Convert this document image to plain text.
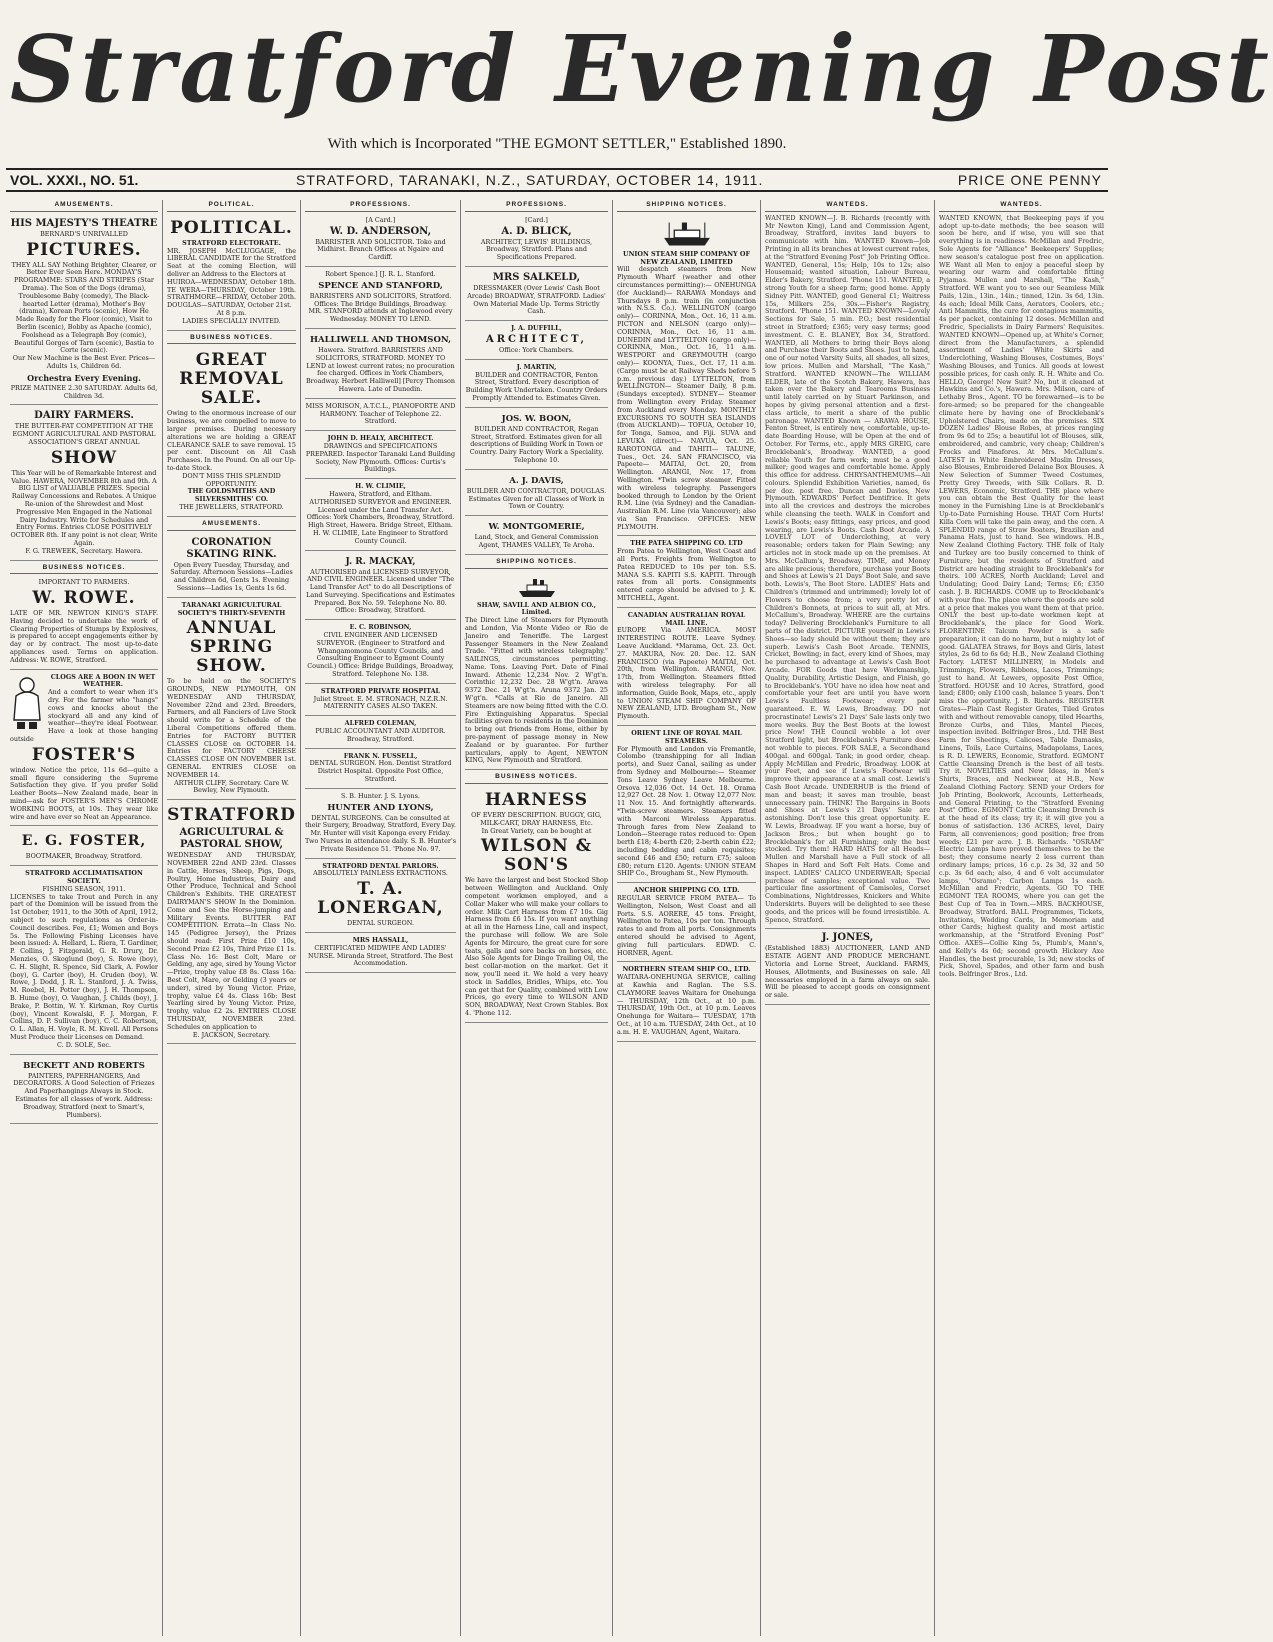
Stratford Evening Post
With which is Incorporated "THE EGMONT SETTLER," Established 1890.
VOL. XXXI., NO. 51.	STRATFORD, TARANAKI, N.Z., SATURDAY, OCTOBER 14, 1911.	PRICE ONE PENNY
AMUSEMENTS.
HIS MAJESTY'S THEATRE
BERNARD'S UNRIVALLED
PICTURES.
THEY ALL SAY Nothing Brighter, Clearer, or Better Ever Seen Here. MONDAY'S PROGRAMME: STARS AND STRIPES (Star Drama). The Son of the Dogs (drama), Troublesome Baby (comedy), The Black-hearted Letter (drama), Mother's Boy (drama), Korean Ports (scenic), How He Made Ready for the Floor (comic), Visit to Berlin (scenic), Bobby as Apache (comic), Foolshead as a Telegraph Boy (comic), Beautiful Gorges of Tarn (scenic), Bastia to Corte (scenic).
Our New Machine is the Best Ever. Prices—Adults 1s, Children 6d.
Orchestra Every Evening.
PRIZE MATINEE 2.30 SATURDAY. Adults 6d, Children 3d.
DAIRY FARMERS.
THE BUTTER-FAT COMPETITION AT THE EGMONT AGRICULTURAL AND PASTORAL ASSOCIATION'S GREAT ANNUAL
SHOW
This Year will be of Remarkable Interest and Value. HAWERA, NOVEMBER 8th and 9th. A BIG LIST of VALUABLE PRIZES. Special Railway Concessions and Rebates. A Unique Re-union of the Shrewdest and Most Progressive Men Engaged in the National Dairy Industry. Write for Schedules and Entry Forms. Entries CLOSE POSITIVELY OCTOBER 8th. If any point is not clear, Write Again.
F. G. TREWEEK, Secretary. Hawera.
BUSINESS NOTICES.
IMPORTANT TO FARMERS.
W. ROWE.
LATE OF MR. NEWTON KING'S STAFF. Having decided to undertake the work of Clearing Properties of Stumps by Explosives, is prepared to accept engagements either by day or by contract. The most up-to-date appliances used. Terms on application. Address: W. ROWE, Stratford.
CLOGS ARE A BOON IN WET WEATHER.
And a comfort to wear when it's dry. For the farmer who "hangs" cows and knocks about the stockyard all and any kind of weather—they're ideal Footwear. Have a look at those hanging outside
FOSTER'S
window. Notice the price, 11s 6d—quite a small figure considering the Supreme Satisfaction they give. If you prefer Solid Leather Boots—New Zealand made, bear in mind—ask for FOSTER'S MEN'S CHROME WORKING BOOTS, at 10s. They wear like wire and have ever so Neat an Appearance.
E. G. FOSTER,
BOOTMAKER, Broadway, Stratford.
STRATFORD ACCLIMATISATION SOCIETY.
FISHING SEASON, 1911.
LICENSES to take Trout and Perch in any part of the Dominion will be issued from the 1st October, 1911, to the 30th of April, 1912, subject to such regulations as Order-in-Council describes. Fee, £1; Women and Boys 5s. The Following Fishing Licenses have been issued: A. Hellard, L. Riera, T. Gardiner, P. Collins, J. Fitzgerald, G. R. Drury, Dr. Menzies, O. Skoglund (boy), S. Rowe (boy), C. H. Slight, R. Spence, Sid Clark, A. Fowler (boy), G. Carter (boy), H. Cruden (boy), W. Rowe, J. Dodd, J. R. L. Stanford, J. A. Twiss, M. Roebel, H. Potter (boy), J. H. Thompson, B. Hume (boy), O. Vaughan, J. Childs (boy), J. Brake, P. Bottin, W. Y. Kirkman, Roy Curtis (boy), Vincent Kowalski, F. J. Morgan, F. Collins, D. P. Sullivan (boy), C. C. Robertson, O. L. Allan, H. Voyle, R. M. Kivell. All Persons Must Produce their Licenses on Demand.
C. D. SOLE, Sec.
BECKETT AND ROBERTS
PAINTERS, PAPERHANGERS, And DECORATORS. A Good Selection of Friezes And Paperhangings Always in Stock. Estimates for all classes of work. Address: Broadway, Stratford (next to Smart's, Plumbers).
POLITICAL.
POLITICAL.
STRATFORD ELECTORATE.
MR. JOSEPH McCLUGGAGE, the LIBERAL CANDIDATE for the Stratford Seat at the coming Election, will deliver an Address to the Electors at
HUIROA—WEDNESDAY, October 18th. TE WERA—THURSDAY, October 19th. STRATHMORE—FRIDAY, October 20th. DOUGLAS—SATURDAY, October 21st.
At 8 p.m.
LADIES SPECIALLY INVITED.
BUSINESS NOTICES.
GREAT REMOVAL SALE.
Owing to the enormous increase of our business, we are compelled to move to larger premises. During necessary alterations we are holding a GREAT CLEARANCE SALE to save removal. 15 per cent. Discount on All Cash Purchases. In the Pound. On all our Up-to-date Stock.
DON'T MISS THIS SPLENDID OPPORTUNITY.
THE GOLDSMITHS AND SILVERSMITHS' CO.
THE JEWELLERS, STRATFORD.
AMUSEMENTS.
CORONATION SKATING RINK.
Open Every Tuesday, Thursday, and Saturday. Afternoon Sessions—Ladies and Children 6d, Gents 1s. Evening Sessions—Ladies 1s, Gents 1s 6d.
TARANAKI AGRICULTURAL SOCIETY'S THIRTY-SEVENTH
ANNUAL SPRING SHOW.
To be held on the SOCIETY'S GROUNDS, NEW PLYMOUTH, ON WEDNESDAY AND THURSDAY, November 22nd and 23rd. Breeders, Farmers, and all Fanciers of Live Stock should write for a Schedule of the Liberal Competitions offered them. Entries for FACTORY BUTTER CLASSES CLOSE on OCTOBER 14. Entries for FACTORY CHEESE CLASSES CLOSE ON NOVEMBER 1st. GENERAL ENTRIES CLOSE on NOVEMBER 14.
ARTHUR CLIFF, Secretary. Care W. Bewley, New Plymouth.
STRATFORD
AGRICULTURAL & PASTORAL SHOW,
WEDNESDAY AND THURSDAY, NOVEMBER 22nd AND 23rd. Classes in Cattle, Horses, Sheep, Pigs, Dogs, Poultry, Home Industries, Dairy and Other Produce, Technical and School Children's Exhibits. THE GREATEST DAIRYMAN'S SHOW In the Dominion. Come and See the Horse-jumping and Military Events. BUTTER FAT COMPETITION. Errata—In Class No. 145 (Pedigree Jersey), the Prizes should read: First Prize £10 10s, Second Prize £2 10s, Third Prize £1 1s. Class No. 16: Best Colt, Mare or Gelding, any age, sired by Young Victor—Prize, trophy value £8 8s. Class 16a: Best Colt, Mare, or Gelding (3 years or under), sired by Young Victor. Prize, trophy, value £4 4s. Class 16b: Best Yearling sired by Young Victor. Prize, trophy, value £2 2s. ENTRIES CLOSE THURSDAY, NOVEMBER 23rd. Schedules on application to
E. JACKSON, Secretary.
PROFESSIONS.
[A Card.]
W. D. ANDERSON,
BARRISTER AND SOLICITOR. Toko and Midhirst. Branch Offices at Ngaire and Cardiff.
Robert Spence.] [J. R. L. Stanford.
SPENCE AND STANFORD,
BARRISTERS AND SOLICITORS, Stratford. Offices: The Bridge Buildings, Broadway.
MR. STANFORD attends at Inglewood every Wednesday. MONEY TO LEND.
HALLIWELL AND THOMSON,
Hawera. Stratford. BARRISTERS AND SOLICITORS, STRATFORD. MONEY TO LEND at lowest current rates; no procuration fee charged. Offices in York Chambers, Broadway. Herbert Halliwell] [Percy Thomson Hawera. Late of Dunedin.
MISS MORISON, A.T.C.L., PIANOFORTE AND HARMONY. Teacher of Telephone 22. Stratford.
JOHN D. HEALY, ARCHITECT.
DRAWINGS and SPECIFICATIONS PREPARED. Inspector Taranaki Land Building Society, New Plymouth. Offices: Curtis's Buildings.
H. W. CLIMIE,
Hawera, Stratford, and Eltham. AUTHORISED SURVEYOR and ENGINEER. Licensed under the Land Transfer Act. Offices: York Chambers, Broadway, Stratford. High Street, Hawera. Bridge Street, Eltham. H. W. CLIMIE, Late Engineer to Stratford County Council.
J. R. MACKAY,
AUTHORISED and LICENSED SURVEYOR, AND CIVIL ENGINEER. Licensed under "The Land Transfer Act" to do all Descriptions of Land Surveying. Specifications and Estimates Prepared. Box No. 59. Telephone No. 80. Office: Broadway, Stratford.
E. C. ROBINSON,
CIVIL ENGINEER AND LICENSED SURVEYOR. (Engineer to Stratford and Whangamomona County Councils, and Consulting Engineer to Egmont County Council.) Office: Bridge Buildings, Broadway, Stratford. Telephone No. 138.
STRATFORD PRIVATE HOSPITAL
Juliet Street. E. M. STRONACH, N.Z.R.N. MATERNITY CASES ALSO TAKEN.
ALFRED COLEMAN,
PUBLIC ACCOUNTANT AND AUDITOR. Broadway, Stratford.
FRANK N. FUSSELL,
DENTAL SURGEON. Hon. Dentist Stratford District Hospital. Opposite Post Office, Stratford.
S. B. Hunter. J. S. Lyons.
HUNTER AND LYONS,
DENTAL SURGEONS. Can be consulted at their Surgery, Broadway, Stratford, Every Day. Mr. Hunter will visit Kaponga every Friday. Two Nurses in attendance daily. S. B. Hunter's Private Residence 51. 'Phone No. 97.
STRATFORD DENTAL PARLORS.
ABSOLUTELY PAINLESS EXTRACTIONS.
T. A. LONERGAN,
DENTAL SURGEON.
MRS HASSALL,
CERTIFICATED MIDWIFE AND LADIES' NURSE. Miranda Street, Stratford. The Best Accommodation.
PROFESSIONS.
[Card.]
A. D. BLICK,
ARCHITECT, LEWIS' BUILDINGS, Broadway, Stratford. Plans and Specifications Prepared.
MRS SALKELD,
DRESSMAKER (Over Lewis' Cash Boot Arcade) BROADWAY, STRATFORD. Ladies' Own Material Made Up. Terms Strictly Cash.
J. A. DUFFILL,
ARCHITECT,
Office: York Chambers.
J. MARTIN,
BUILDER and CONTRACTOR, Fenton Street, Stratford. Every description of Building Work Undertaken. Country Orders Promptly Attended to. Estimates Given.
JOS. W. BOON,
BUILDER AND CONTRACTOR, Regan Street, Stratford. Estimates given for all descriptions of Building Work in Town or Country. Dairy Factory Work a Speciality. Telephone 10.
A. J. DAVIS,
BUILDER AND CONTRACTOR, DOUGLAS. Estimates Given for all Classes of Work in Town or Country.
W. MONTGOMERIE,
Land, Stock, and General Commission Agent, THAMES VALLEY, Te Aroha.
SHIPPING NOTICES.
SHAW, SAVILL AND ALBION CO., Limited.
The Direct Line of Steamers for Plymouth and London, Via Monte Video or Rio de Janeiro and Teneriffe. The Largest Passenger Steamers in the New Zealand Trade. "Fitted with wireless telegraphy." SAILINGS, circumstances permitting. Name. Tons. Leaving Port. Date of Final Inward. Athenic 12,234 Nov. 2 W'gt'n. Corinthic 12,232 Dec. 28 W'gt'n. Arawa 9372 Dec. 21 W'gt'n. Aruna 9372 Jan. 25 W'gt'n. *Calls at Rio de Janeiro. All Steamers are now being fitted with the C.O. Fire Extinguishing Apparatus. Special facilities given to residents in the Dominion to bring out friends from Home, either by pre-payment of passage money in New Zealand or by guarantee. For further particulars, apply to Agent, NEWTON KING, New Plymouth and Stratford.
BUSINESS NOTICES.
HARNESS
OF EVERY DESCRIPTION. BUGGY, GIG, MILK-CART, DRAY HARNESS, Etc.
In Great Variety, can be bought at
WILSON & SON'S
We have the largest and best Stocked Shop between Wellington and Auckland. Only competent workmen employed, and a Collar Maker who will make your collars to order. Milk Cart Harness from £7 10s. Gig Harness from £6 15s. If you want anything at all in the Harness Line, call and inspect, the purchase will follow. We are Sole Agents for Mircuro, the great cure for sore teats, galls and sore backs on horses, etc. Also Sole Agents for Dingo Trailing Oil, the best collar-motion on the market. Get it now, you'll need it. We hold a very heavy stock in Saddles, Bridles, Whips, etc. You can get that for Quality, combined with Low Prices, go every time to WILSON AND SON, BROADWAY, Next Crown Stables. Box 4. 'Phone 112.
SHIPPING NOTICES.
UNION STEAM SHIP COMPANY OF NEW ZEALAND, LIMITED
Will despatch steamers from New Plymouth Wharf (weather and other circumstances permitting):— ONEHUNGA (for Auckland)— RARAWA Mondays and Thursdays 8 p.m. train (in conjunction with N.S.S. Co.). WELLINGTON (cargo only)— CORINNA, Mon., Oct. 16, 11 a.m. PICTON and NELSON (cargo only)— CORINNA, Mon., Oct. 16, 11 a.m. DUNEDIN and LYTTELTON (cargo only)— CORINNA, Mon., Oct. 16, 11 a.m. WESTPORT and GREYMOUTH (cargo only)— KOONYA, Tues., Oct. 17, 11 a.m. (Cargo must be at Railway Sheds before 5 p.m. previous day.) LYTTELTON, from WELLINGTON— Steamer Daily, 8 p.m. (Sundays excepted). SYDNEY— Steamer from Wellington every Friday. Steamer from Auckland every Monday. MONTHLY EXCURSIONS TO SOUTH SEA ISLANDS (from AUCKLAND)— TOFUA, October 10, for Tonga, Samoa, and Fiji. SUVA and LEVUKA (direct)— NAVUA, Oct. 25. RAROTONGA and TAHITI— TALUNE, Tues., Oct. 24. SAN FRANCISCO, via Papeete— MAITAI, Oct. 20, from Wellington. ARANGI, Nov. 17, from Wellington. *Twin screw steamer. Fitted with wireless telegraphy. Passengers booked through to London by the Orient R.M. Line (via Sydney) and the Canadian-Australian R.M. Line (via Vancouver); also via San Francisco. OFFICES: NEW PLYMOUTH.
THE PATEA SHIPPING CO. LTD
From Patea to Wellington, West Coast and all Ports. Freights from Wellington to Patea REDUCED to 10s per ton. S.S. MANA S.S. KAPITI S.S. KAPITI. Through rates from all ports. Consignments entered cargo should be advised to J. K. MITCHELL, Agent.
CANADIAN AUSTRALIAN ROYAL MAIL LINE.
EUROPE Via AMERICA. MOST INTERESTING ROUTE. Leave Sydney. Leave Auckland. *Marama, Oct. 23. Oct. 27. MAKURA, Nov. 20. Dec. 12. SAN FRANCISCO (via Papeete) MAITAI, Oct. 20th, from Wellington. ARANGI, Nov. 17th, from Wellington. Steamers fitted with wireless telegraphy. For all information, Guide Book, Maps, etc., apply to UNION STEAM SHIP COMPANY OF NEW ZEALAND, LTD. Brougham St., New Plymouth.
ORIENT LINE OF ROYAL MAIL STEAMERS.
For Plymouth and London via Fremantle, Colombo (transhipping for all Indian ports), and Suez Canal, sailing as under from Sydney and Melbourne:— Steamer Tons Leave Sydney Leave Melbourne. Orsova 12,036 Oct. 14 Oct. 18. Orama 12,927 Oct. 28 Nov. 1. Otway 12,077 Nov. 11 Nov. 15. And fortnightly afterwards. *Twin-screw steamers. Steamers fitted with Marconi Wireless Apparatus. Through fares from New Zealand to London—Steerage rates reduced to: Open berth £18; 4-berth £20; 2-berth cabin £22; including bedding and cabin requisites; second £46 and £50; return £75; saloon £80; return £120. Agents: UNION STEAM SHIP Co., Brougham St., New Plymouth.
ANCHOR SHIPPING CO. LTD.
REGULAR SERVICE FROM PATEA— To Wellington, Nelson, West Coast and all Ports. S.S. AORERE, 45 tons. Freight, Wellington to Patea, 10s per ton. Through rates to and from all ports. Consignments entered should be advised to Agent, giving full particulars. EDWD. C. HORNER, Agent.
NORTHERN STEAM SHIP CO., LTD.
WAITARA-ONEHUNGA SERVICE, calling at Kawhia and Raglan. The S.S. CLAYMORE leaves Waitara for Onehunga— THURSDAY, 12th Oct., at 10 p.m. THURSDAY, 19th Oct., at 10 p.m. Leaves Onehunga for Waitara— TUESDAY, 17th Oct., at 10 a.m. TUESDAY, 24th Oct., at 10 a.m. H. E. VAUGHAN, Agent, Waitara.
WANTEDS.
WANTED KNOWN—J. B. Richards (recently with Mr Newton King), Land and Commission Agent, Broadway, Stratford, invites land buyers to communicate with him. WANTED Known—Job Printing in all its branches at lowest current rates, at the "Stratford Evening Post" Job Printing Office. WANTED, General, 15s; Help, 10s to 12s; also Housemaid; wanted situation, Labour Bureau, Elder's Bakery, Stratford. 'Phone 151. WANTED, a strong Youth for a sheep farm; good home. Apply Sidney Pitt. WANTED, good General £1; Waitress 15s, Milkers 25s, 30s.—Fisher's Registry, Stratford. 'Phone 151. WANTED KNOWN—Lovely Sections for Sale, 5 min. P.O.; best residential street in Stratford; £365; very easy terms; good investment. C. E. BLANEY, Box 34, Stratford. WANTED, all Mothers to bring their Boys along and Purchase their Boots and Shoes. Just to hand, one of our noted Varsity Suits, all shades, all sizes, low prices. Mullen and Marshall, "The Kash," Stratford. WANTED KNOWN—The WILLIAM ELDER, late of the Scotch Bakery, Hawera, has taken over the Bakery and Tearooms Business until lately carried on by Stuart Parkinson, and hopes by giving personal attention and a first-class article, to merit a share of the public patronage. WANTED Known — ARAWA HOUSE, Fenton Street, is entirely new, comfortable, up-to-date Boarding House, will be Open at the end of October. For Terms, etc., apply MRS GREIG, care Brocklebank's, Broadway. WANTED, a good reliable Youth for farm work; must be a good milker; good wages and comfortable home. Apply this office for address. CHRYSANTHEMUMS—All colours. Splendid Exhibition Varieties, named, 6s per doz. post free. Duncan and Davies, New Plymouth. EDWARDS' Perfect Dentifrice. It gets into all the crevices and destroys the microbes while cleansing the teeth. WALK in Comfort and Lewis's Boots; easy fittings, easy prices, and good wearing, are Lewis's Boots. Cash Boot Arcade. A LOVELY LOT of Underclothing, at very reasonable; orders taken for Plain Sewing; any articles not in stock made up on the premises. At Mrs. McCallum's, Broadway. TIME, and Money are alike precious; therefore, purchase your Boots and Shoes at Lewis's 21 Days' Boot Sale, and save both. Lewis's, The Boot Store. LADIES' Hats and Children's (trimmed and untrimmed); lovely lot of Flowers to choose from; a very pretty lot of Children's Bonnets, at prices to suit all, at Mrs. McCallum's, Broadway. WHERE are the curtains today? Delivering Brocklebank's Furniture to all parts of the district. PICTURE yourself in Lewis's Shoes—so lady should be without them; they are superb. Lewis's Cash Boot Arcade. TENNIS, Cricket, Bowling; in fact, every kind of Shoes, may be purchased to advantage at Lewis's Cash Boot Arcade. FOR Goods that have Workmanship, Quality, Durability, Artistic Design, and Finish, go to Brocklebank's. YOU have no idea how neat and comfortable your feet are until you have worn Lewis's Faultless Footwear; every pair guaranteed. E. W. Lewis, Broadway. DO not procrastinate! Lewis's 21 Days' Sale lasts only two more weeks. Buy the Best Boots at the lowest price Now! THE Council wobble a lot over Stratford light, but Brocklebank's Furniture does not wobble to pieces. FOR SALE, a Secondhand 400gal. and 600gal. Tank; in good order, cheap. Apply McMillan and Fredric, Broadway. LOOK at your Feet, and see if Lewis's Footwear will improve their appearance at a small cost. Lewis's Cash Boot Arcade. UNDERHUB is the friend of man and beast; it saves man trouble, beast unnecessary pain. THINK! The Bargains in Boots and Shoes at Lewis's 21 Days' Sale are astonishing. Don't lose this great opportunity. E. W. Lewis, Broadway. IF you want a horse, buy of Jackson Bros.; but when bought go to Brocklebank's for all Furnishing; only the best stocked. Try them! HARD HATS for all Heads—Mullen and Marshall have a Full stock of all Shapes in Hard and Soft Felt Hats. Come and inspect. LADIES' CALICO UNDERWEAR; Special purchase of samples; exceptional value. Two particular fine assortment of Camisoles, Corset Combinations, Nightdresses, Knickers and White Underskirts. Buyers will be delighted to see these goods, and the prices will be found irresistible. A. Spence, Stratford.
J. JONES,
(Established 1883) AUCTIONEER, LAND AND ESTATE AGENT AND PRODUCE MERCHANT. Victoria and Lorne Street, Auckland. FARMS, Houses, Allotments, and Businesses on sale. All necessaries employed in a farm always on sale. Will be pleased to accept goods on consignment or sale.
WANTEDS.
WANTED KNOWN, that Beekeeping pays if you adopt up-to-date methods; the bee season will soon be here, and if wise, you will see that everything is in readiness. McMillan and Fredric, Sole Agents for "Alliance" Beekeepers' Supplies; new season's catalogue post free on application. WE Want all Men to enjoy a peaceful sleep by wearing our warm and comfortable fitting Pyjamas. Mullen and Marshall, "The Kash," Stratford. WE want you to see our Seamless Milk Pails, 12in., 13in., 14in.; tinned, 12in. 3s 6d, 13in. 4s each; Ideal Milk Cans, Aerators, Coolers, etc.; Anti Mammitis, the cure for contagious mammitis, 4s per packet, containing 12 doses. McMillan and Fredric, Specialists in Dairy Farmers' Requisites. WANTED KNOWN—Opened up, at White's Corner, direct from the Manufacturers, a splendid assortment of Ladies' White Skirts and Underclothing, Washing Blouses, Costumes, Boys' Washing Blouses, and Tunics. All goods at lowest possible prices, for cash only. R. H. White and Co. HELLO, George! New Suit? No, but it cleaned at Hawkins and Co.'s, Hawera. Mrs. Milson, care of Lethaby Bros., Agent. TO be forewarned—is to be fore-armed; so be prepared for the changeable climate here by having one of Brocklebank's Upholstered Chairs, made on the premises. SIX DOZEN Ladies' Blouse Robes, at prices ranging from 9s 6d to 25s; a beautiful lot of Blouses, silk, embroidered, and cambric, very cheap; Children's Frocks and Pinafores. At Mrs. McCallum's. LATEST in White Embroidered Muslin Dresses, also Blouses, Embroidered Delaine Box Blouses. A New Selection of Summer Tweed Costumes, Pretty Grey Tweeds, with Silk Collars. R. D. LEWERS, Economic, Stratford. THE place where you can obtain the Best Quality for the least money in the Furnishing Line is at Brocklebank's Up-to-Date Furnishing House. THAT Corn Hurts! Killa Corn will take the pain away, and the corn. A SPLENDID range of Straw Boaters, Brazilian and Panama Hats, just to hand. See windows. H.B., New Zealand Clothing Factory. THE folk of Italy and Turkey are too busily concerned to think of Furniture; but the residents of Stratford and District are heading straight to Brocklebank's for theirs. 100 ACRES, North Auckland; Level and Undulating; Good Dairy Land; Terms; £6; £350 cash. J. B. RICHARDS. COME up to Brocklebank's with your fine. The place where the goods are sold at a price that makes you want them at that price. ONLY the best up-to-date workmen kept at Brocklebank's, the place for Good Work. FLORENTINE Talcum Powder is a safe preparation; it can do no harm, but a mighty lot of good. GALATEA Straws, for Boys and Girls, latest styles, 2s 6d to 6s 6d; H.B., New Zealand Clothing Factory. LATEST MILLINERY, in Models and Trimmings, Flowers, Ribbons, Laces, Trimmings; just to hand. At Lewers, opposite Post Office, Stratford. HOUSE and 10 Acres, Stratford, good land; £800; only £100 cash, balance 5 years. Don't miss the opportunity. J. B. Richards. REGISTER Grates—Plain Cast Register Grates, Tiled Grates with and without removable canopy, tiled Hearths, Bronze Curbs, and Tiles, Mantel Pieces, inspection invited. Belfringer Bros., Ltd. THE Best Farm for Sheetings, Calicoes, Table Damasks, Linens, Toils, Lace Curtains, Madapolams, Laces, is R. D. LEWERS, Economic, Stratford. EGMONT Cattle Cleansing Drench is the best of all tests. Try it. NOVELTIES and New Ideas, in Men's Shirts, Braces, and Neckwear, at H.B., New Zealand Clothing Factory. SEND your Orders for Job Printing, Bookwork, Accounts, Letterheads, and General Printing, to the "Stratford Evening Post" Office. EGMONT Cattle Cleansing Drench is at the head of its class; try it; it will give you a bonus of satisfaction. 136 ACRES, level, Dairy Farm, all conveniences; good position; free from weeds; £21 per acre. J. B. Richards. "OSRAM" Electric Lamps have proved themselves to be the best; they consume nearly 2 less current than ordinary lamps; prices, 16 c.p. 2s 3d, 32 and 50 c.p. 3s 6d each; also, 4 and 6 volt accumulator lamps, "Osramo"; Carbon Lamps 1s each. McMillan and Fredric, Agents. GO TO THE EGMONT TEA ROOMS, where you can get the Best Cup of Tea in Town.—MRS. BACKHOUSE, Broadway, Stratford. BALL Programmes, Tickets, Invitations, Wedding Cards, In Memoriam and other Cards; highest quality and most artistic workmanship, at the "Stratford Evening Post" Office. AXES—Collie King 5s, Plumb's, Mann's, and Kelly's 4s 6d; second growth Hickory Axe Handles, the best procurable, 1s 3d; new stocks of Pick, Shovel, Spades, and other farm and bush tools. Belfringer Bros., Ltd.
